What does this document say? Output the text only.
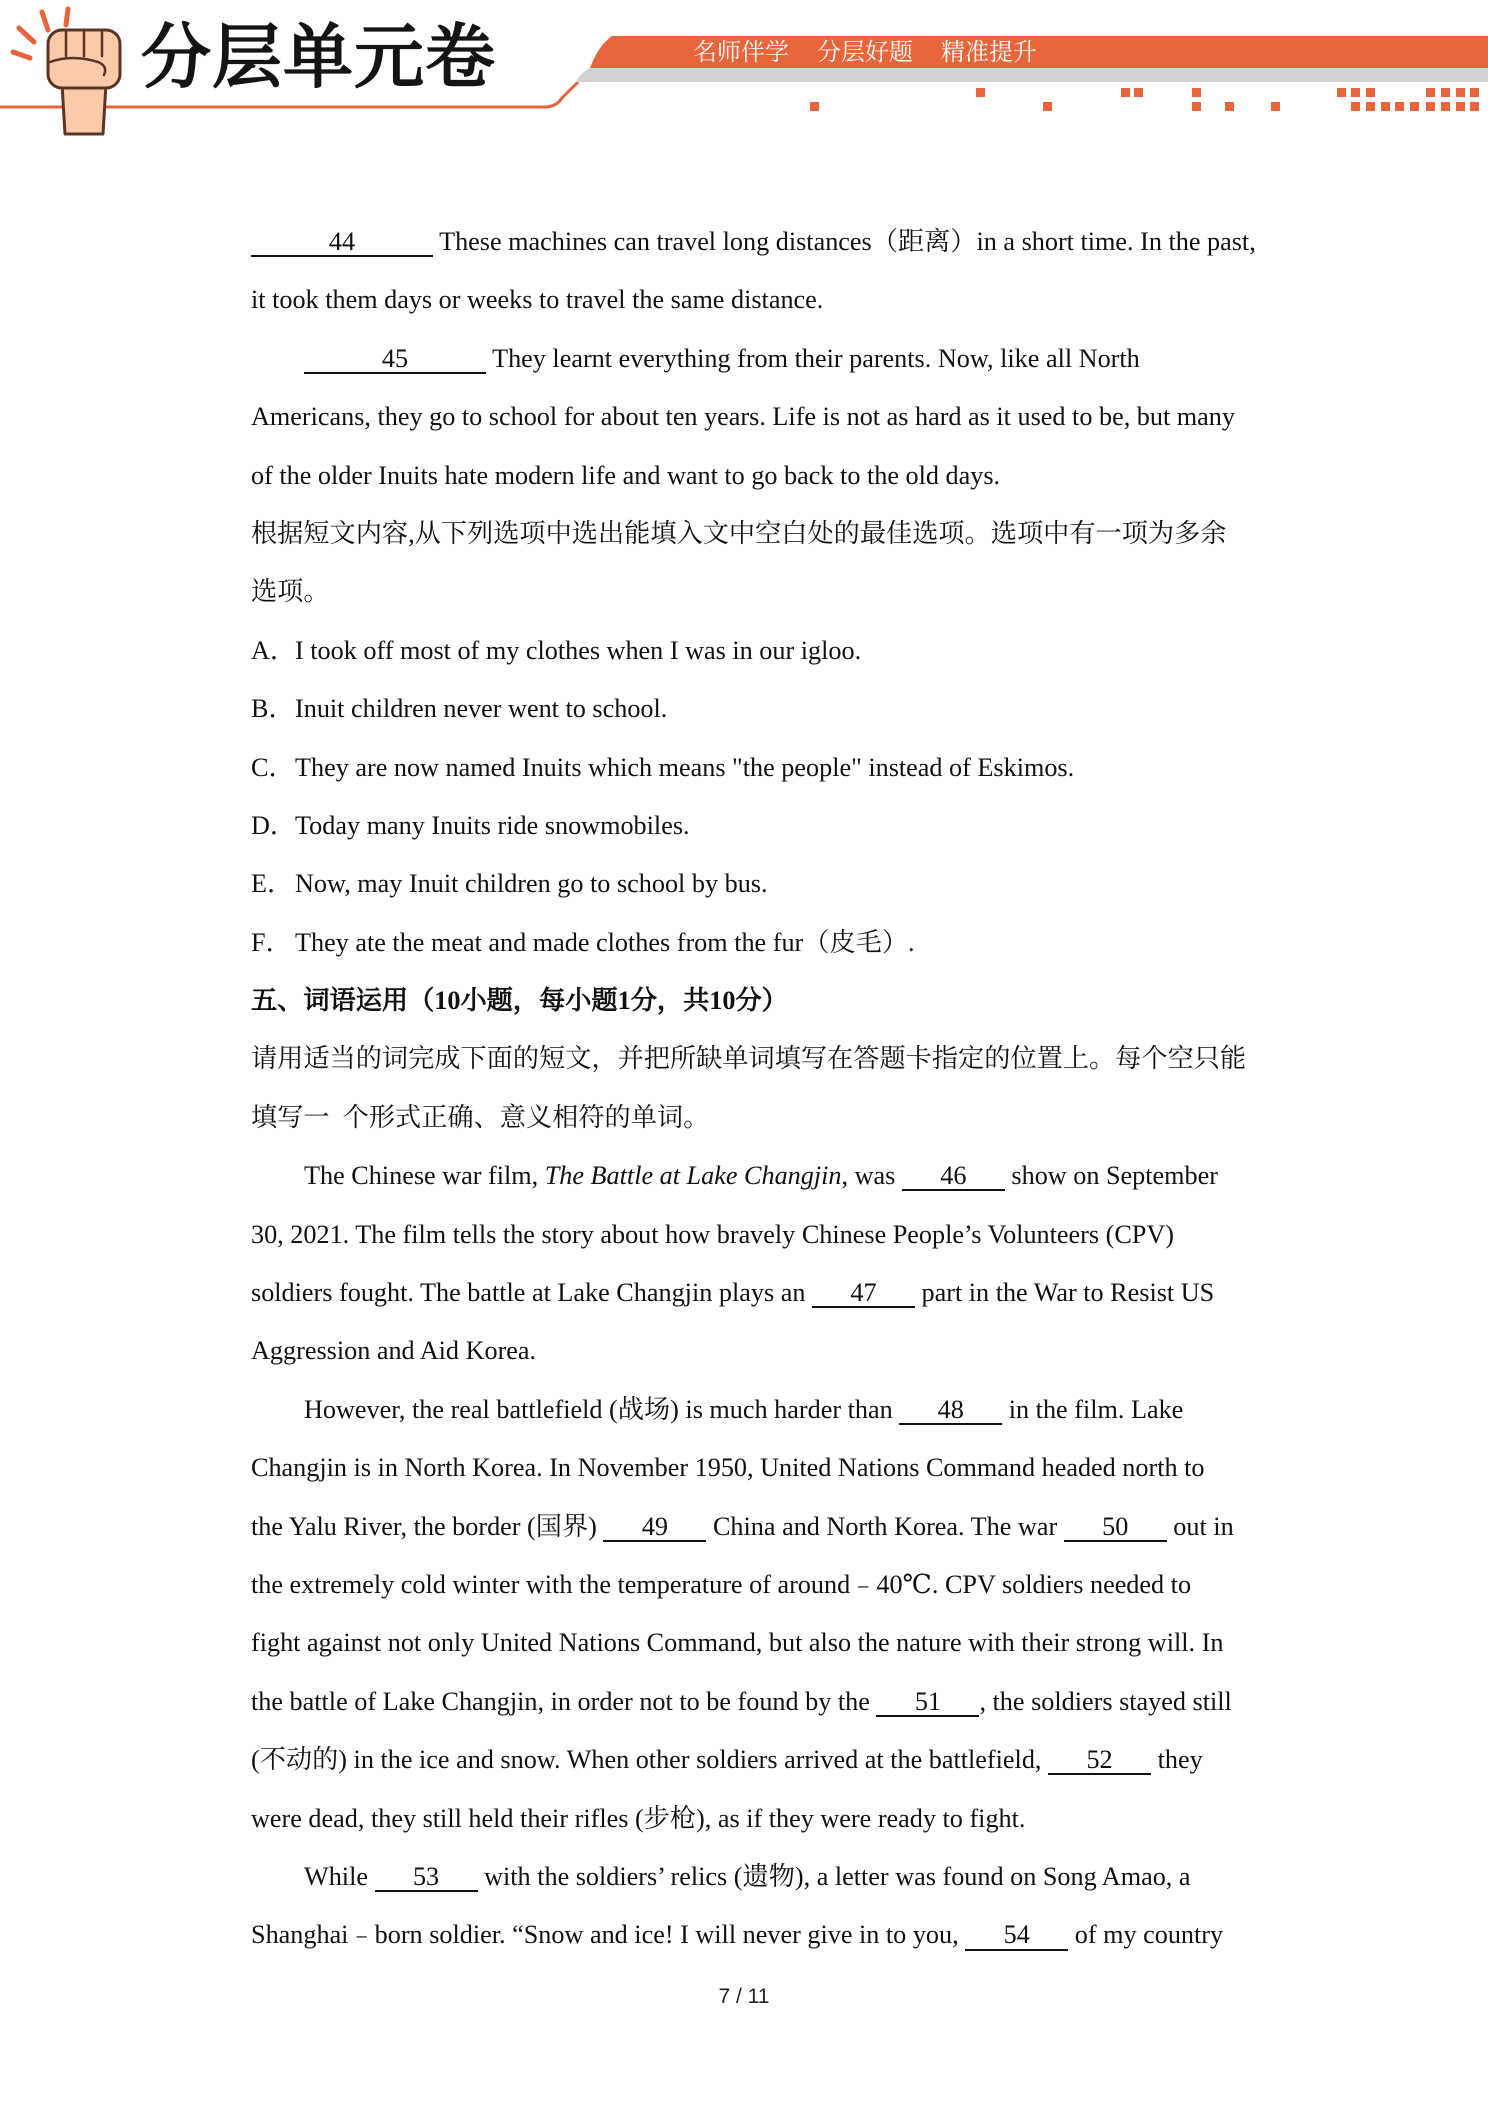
分层单元卷	名师伴学 分层好题 精准提升
44	These machines can travel long distances（距离）in a short time. In the past,
it took them days or weeks to travel the same distance.
45	They learnt everything from their parents. Now, like all North
Americans, they go to school for about ten years. Life is not as hard as it used to be, but many
of the older Inuits hate modern life and want to go back to the old days.
根据短文内容,从下列选项中选出能填入文中空白处的最佳选项。选项中有一项为多余
选项。
A．I took off most of my clothes when I was in our igloo.
B．Inuit children never went to school.
C．They are now named Inuits which means "the people" instead of Eskimos.
D．Today many Inuits ride snowmobiles.
E．Now, may Inuit children go to school by bus.
F． They ate the meat and made clothes from the fur（皮毛）.
五、词语运用（10小题，每小题1分，共10分）
请用适当的词完成下面的短文，并把所缺单词填写在答题卡指定的位置上。每个空只能
填写一  个形式正确、意义相符的单词。
The Chinese war film, The Battle at Lake Changjin, was 46 show on September
30, 2021. The film tells the story about how bravely Chinese People’s Volunteers (CPV)
soldiers fought. The battle at Lake Changjin plays an 47 part in the War to Resist US
Aggression and Aid Korea.
However, the real battlefield (战场) is much harder than 48 in the film. Lake
Changjin is in North Korea. In November 1950, United Nations Command headed north to
the Yalu River, the border (国界) 49 China and North Korea. The war 50 out in
the extremely cold winter with the temperature of around﹣40℃. CPV soldiers needed to
fight against not only United Nations Command, but also the nature with their strong will. In
the battle of Lake Changjin, in order not to be found by the 51 , the soldiers stayed still
(不动的) in the ice and snow. When other soldiers arrived at the battlefield, 52 they
were dead, they still held their rifles (步枪), as if they were ready to fight.
While 53 with the soldiers’ relics (遗物), a letter was found on Song Amao, a
Shanghai﹣born soldier. “Snow and ice! I will never give in to you, 54 of my country
7 / 11
